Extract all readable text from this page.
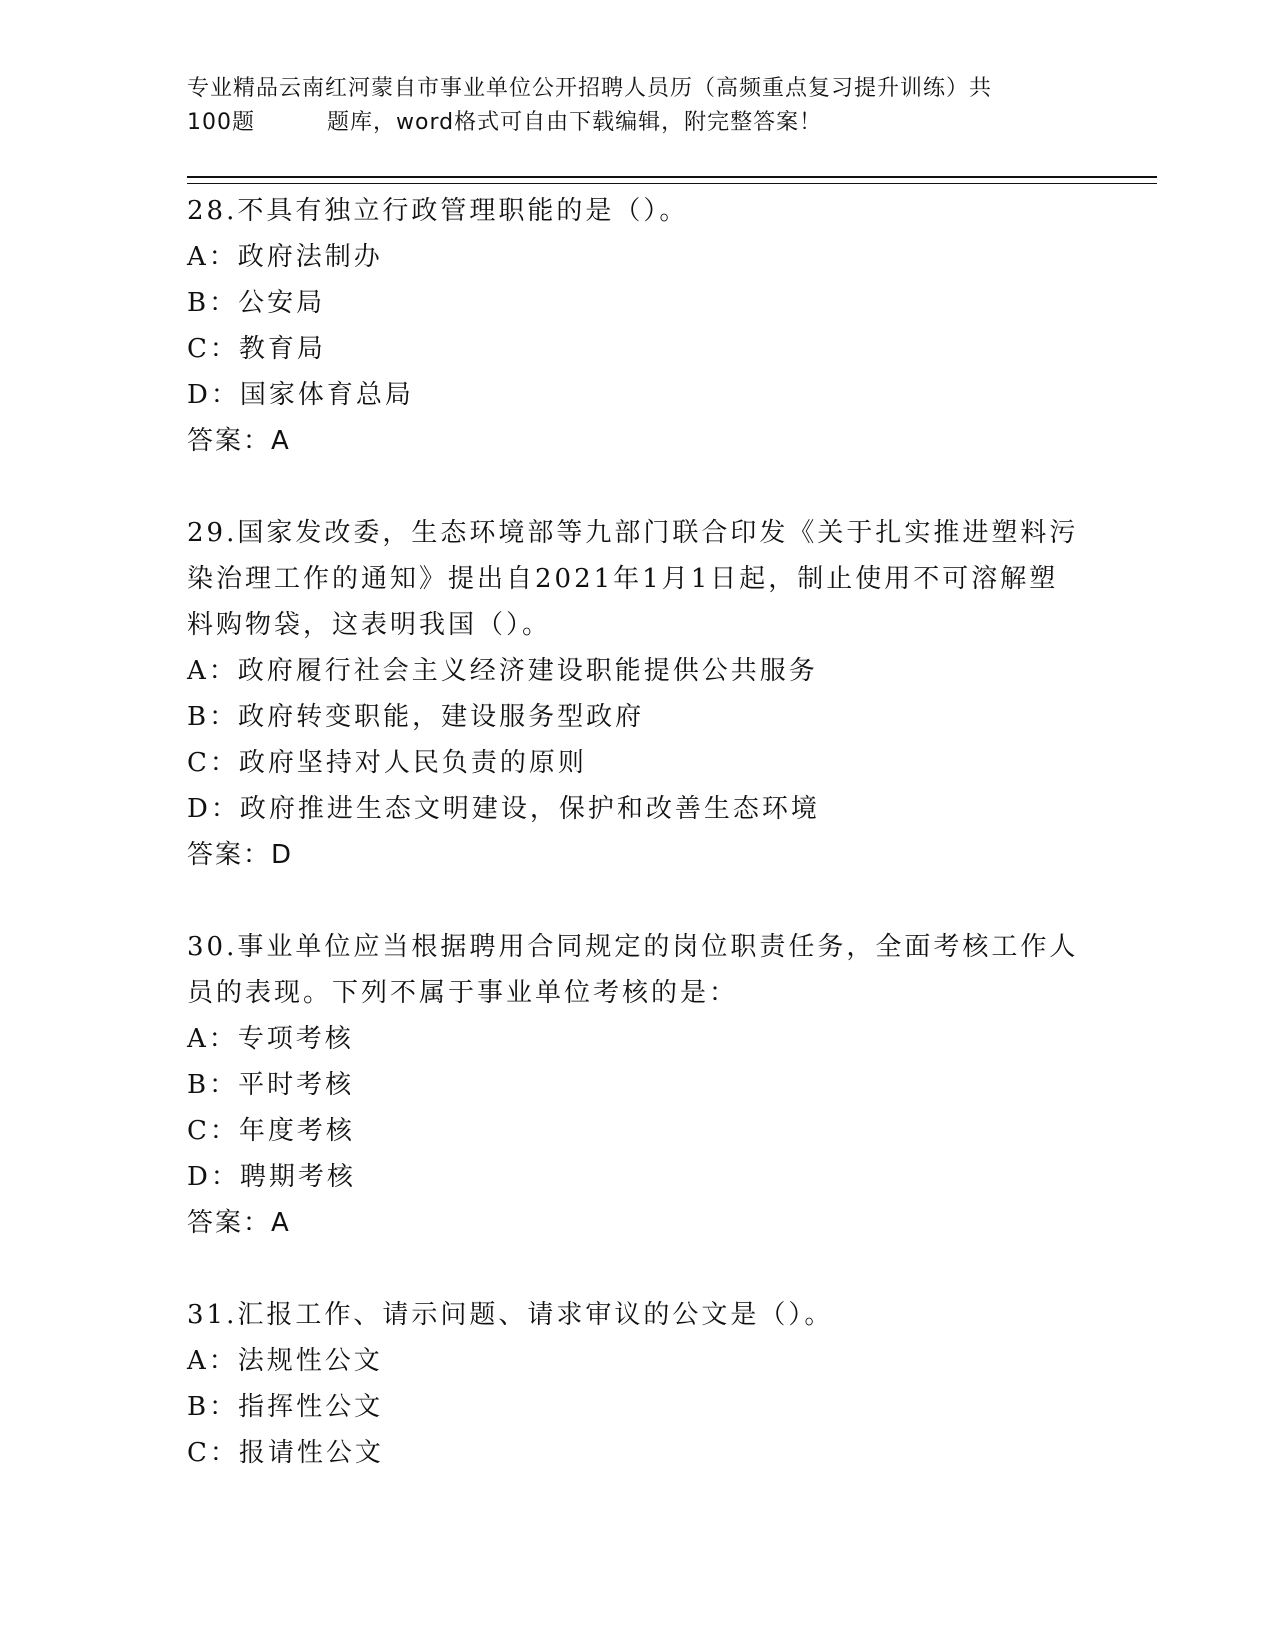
专业精品云南红河蒙自市事业单位公开招聘人员历（高频重点复习提升训练）共
100题	题库，word格式可自由下载编辑，附完整答案！
28.不具有独立行政管理职能的是（）。
A：政府法制办
B：公安局
C：教育局
D：国家体育总局
答案：A
29.国家发改委，生态环境部等九部门联合印发《关于扎实推进塑料污染治理工作的通知》提出自2021年1月1日起，制止使用不可溶解塑料购物袋，这表明我国（）。
A：政府履行社会主义经济建设职能提供公共服务
B：政府转变职能，建设服务型政府
C：政府坚持对人民负责的原则
D：政府推进生态文明建设，保护和改善生态环境
答案：D
30.事业单位应当根据聘用合同规定的岗位职责任务，全面考核工作人员的表现。下列不属于事业单位考核的是：
A：专项考核
B：平时考核
C：年度考核
D：聘期考核
答案：A
31.汇报工作、请示问题、请求审议的公文是（）。
A：法规性公文
B：指挥性公文
C：报请性公文
